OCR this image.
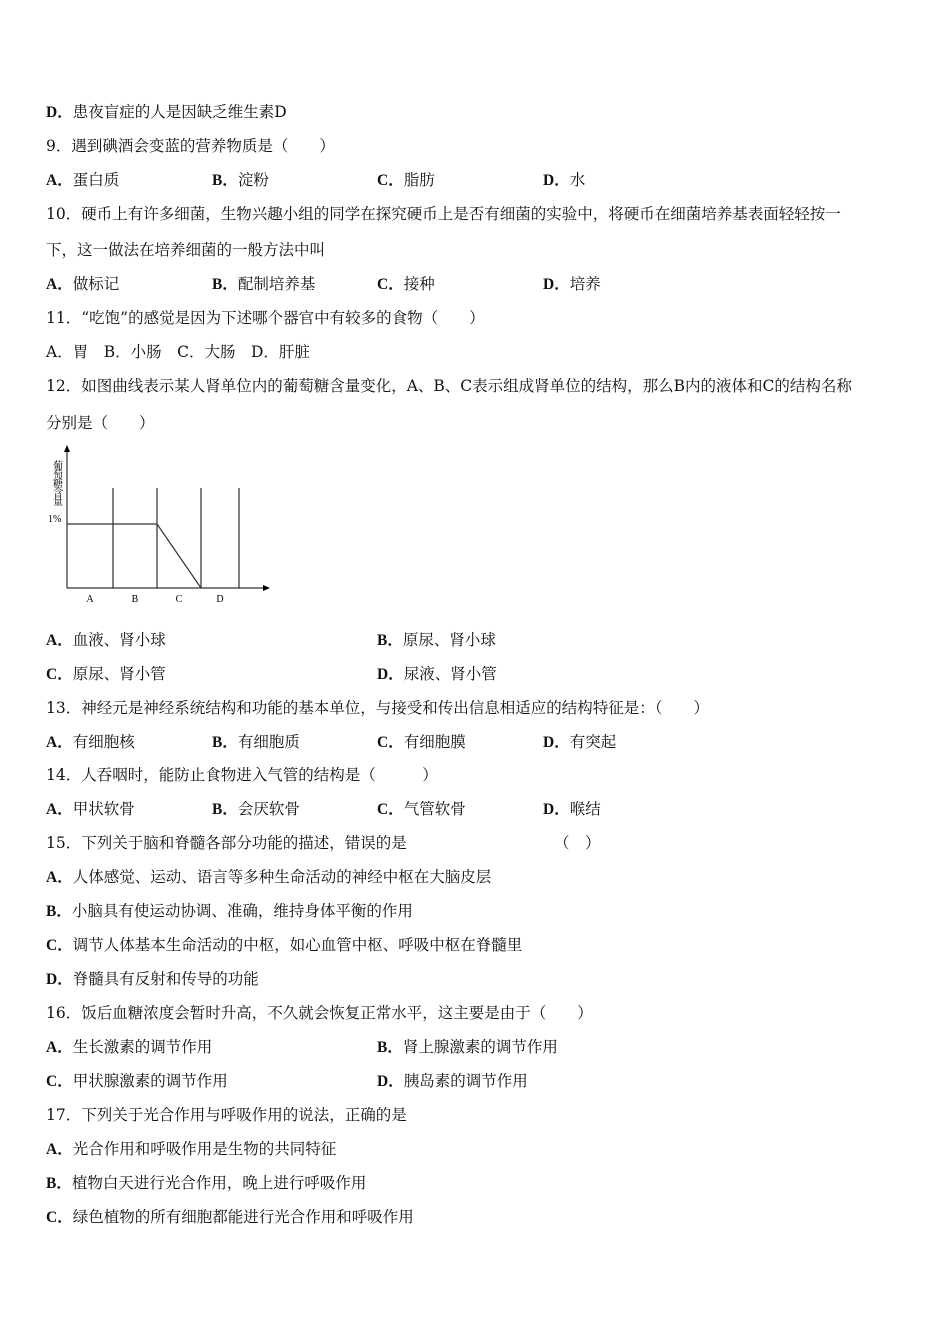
D．患夜盲症的人是因缺乏维生素D
9．遇到碘酒会变蓝的营养物质是（　　）
A．蛋白质	B．淀粉	C．脂肪	D．水
10．硬币上有许多细菌，生物兴趣小组的同学在探究硬币上是否有细菌的实验中，将硬币在细菌培养基表面轻轻按一
下，这一做法在培养细菌的一般方法中叫
A．做标记	B．配制培养基	C．接种	D．培养
11．“吃饱”的感觉是因为下述哪个器官中有较多的食物（　　）
A．胃　B．小肠　C．大肠　D．肝脏
12．如图曲线表示某人肾单位内的葡萄糖含量变化，A、B、C表示组成肾单位的结构，那么B内的液体和C的结构名称
分别是（　　）
A	B	C	D
1%
葡萄糖含量
A．血液、肾小球	B．原尿、肾小球
C．原尿、肾小管	D．尿液、肾小管
13．神经元是神经系统结构和功能的基本单位，与接受和传出信息相适应的结构特征是：（　　）
A．有细胞核	B．有细胞质	C．有细胞膜	D．有突起
14．人吞咽时，能防止食物进入气管的结构是（　　　）
A．甲状软骨	B．会厌软骨	C．气管软骨	D．喉结
15．下列关于脑和脊髓各部分功能的描述，错误的是　　　　　　　　　　（　）
A．人体感觉、运动、语言等多种生命活动的神经中枢在大脑皮层
B．小脑具有使运动协调、准确，维持身体平衡的作用
C．调节人体基本生命活动的中枢，如心血管中枢、呼吸中枢在脊髓里
D．脊髓具有反射和传导的功能
16．饭后血糖浓度会暂时升高，不久就会恢复正常水平，这主要是由于（　　）
A．生长激素的调节作用	B．肾上腺激素的调节作用
C．甲状腺激素的调节作用	D．胰岛素的调节作用
17．下列关于光合作用与呼吸作用的说法，正确的是
A．光合作用和呼吸作用是生物的共同特征
B．植物白天进行光合作用，晚上进行呼吸作用
C．绿色植物的所有细胞都能进行光合作用和呼吸作用
